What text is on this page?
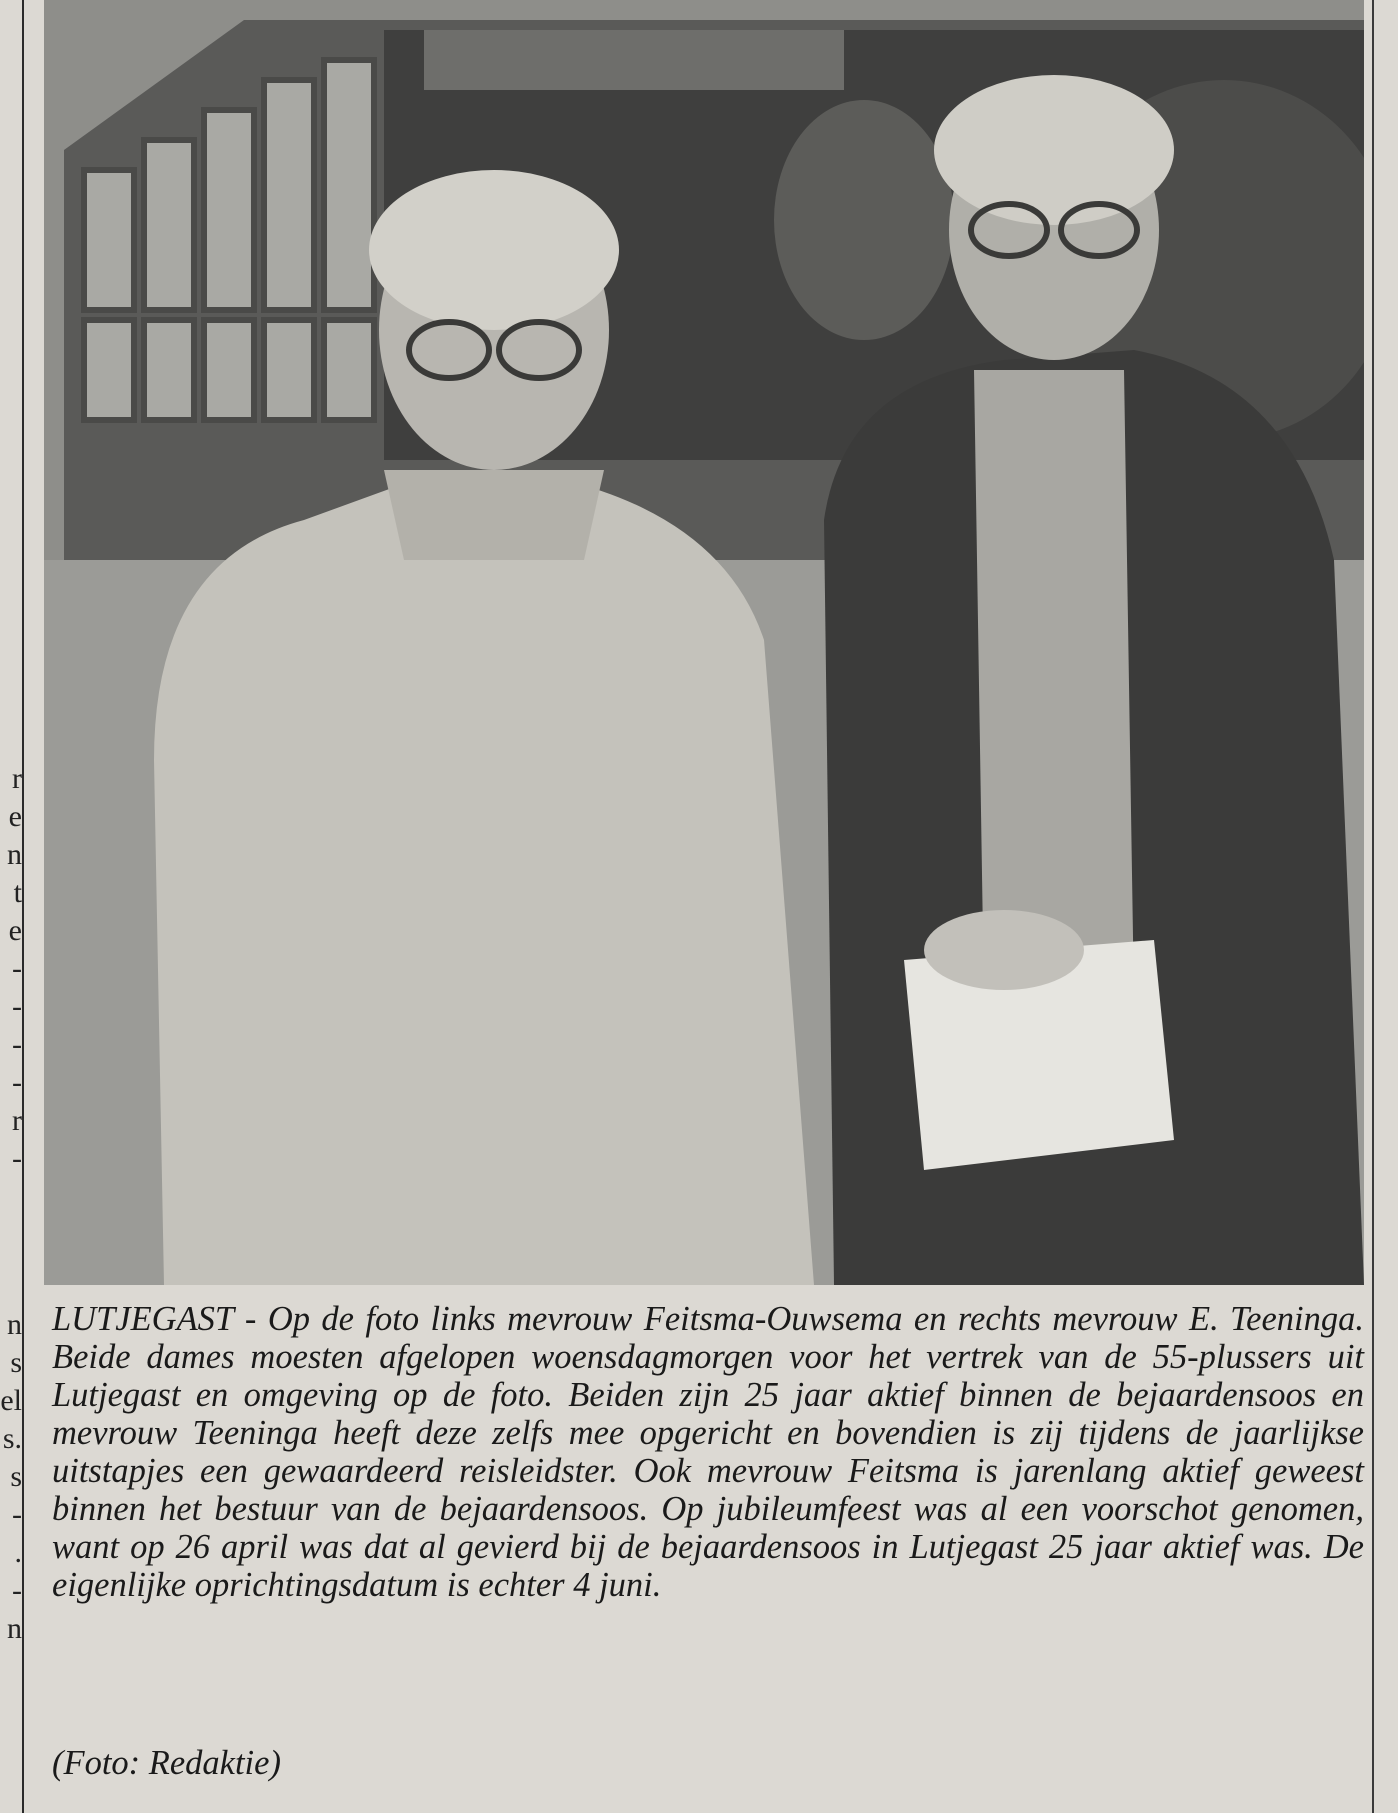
r
e
n
t
e
-
-
-
-
r
-
n
s
el
s.
s
-
.
-
n

LUTJEGAST - Op de foto links mevrouw Feitsma-Ouwsema en rechts mevrouw E. Teeninga. Beide dames moesten afgelopen woensdagmorgen voor het vertrek van de 55-plussers uit Lutjegast en omgeving op de foto. Beiden zijn 25 jaar aktief binnen de bejaardensoos en mevrouw Teeninga heeft deze zelfs mee opgericht en bovendien is zij tijdens de jaarlijkse uitstapjes een gewaardeerd reisleidster. Ook mevrouw Feitsma is jarenlang aktief geweest binnen het bestuur van de bejaardensoos. Op jubileumfeest was al een voorschot genomen, want op 26 april was dat al gevierd bij de bejaardensoos in Lutjegast 25 jaar aktief was. De eigenlijke oprichtingsdatum is echter 4 juni.

(Foto: Redaktie)
